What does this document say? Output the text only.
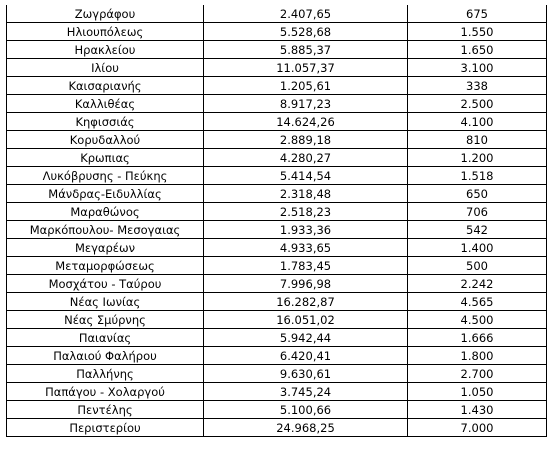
Ζωγράφου	2.407,65	675
Ηλιουπόλεως	5.528,68	1.550
Ηρακλείου	5.885,37	1.650
Ιλίου	11.057,37	3.100
Καισαριανής	1.205,61	338
Καλλιθέας	8.917,23	2.500
Κηφισσιάς	14.624,26	4.100
Κορυδαλλού	2.889,18	810
Κρωπιας	4.280,27	1.200
Λυκόβρυσης - Πεύκης	5.414,54	1.518
Μάνδρας-Ειδυλλίας	2.318,48	650
Μαραθώνος	2.518,23	706
Μαρκόπουλου- Μεσογαιας	1.933,36	542
Μεγαρέων	4.933,65	1.400
Μεταμορφώσεως	1.783,45	500
Μοσχάτου - Ταύρου	7.996,98	2.242
Νέας Ιωνίας	16.282,87	4.565
Νέας Σμύρνης	16.051,02	4.500
Παιανίας	5.942,44	1.666
Παλαιού Φαλήρου	6.420,41	1.800
Παλλήνης	9.630,61	2.700
Παπάγου - Χολαργού	3.745,24	1.050
Πεντέλης	5.100,66	1.430
Περιστερίου	24.968,25	7.000
